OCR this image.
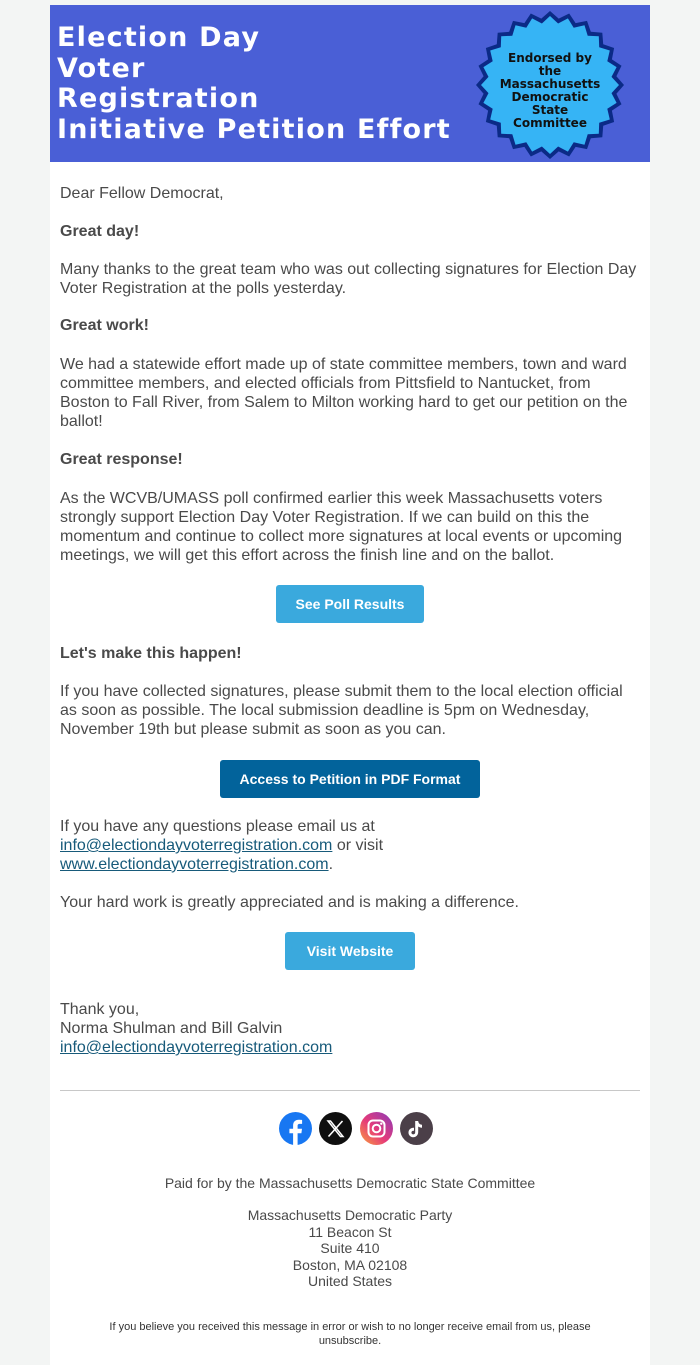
Election Day
Voter
Registration
Initiative Petition Effort
Endorsed by
the
Massachusetts
Democratic
State
Committee

Dear Fellow Democrat,

Great day!

Many thanks to the great team who was out collecting signatures for Election Day Voter Registration at the polls yesterday.

Great work!

We had a statewide effort made up of state committee members, town and ward committee members, and elected officials from Pittsfield to Nantucket, from Boston to Fall River, from Salem to Milton working hard to get our petition on the ballot!

Great response!

As the WCVB/UMASS poll confirmed earlier this week Massachusetts voters strongly support Election Day Voter Registration. If we can build on this the momentum and continue to collect more signatures at local events or upcoming meetings, we will get this effort across the finish line and on the ballot.

See Poll Results

Let's make this happen!

If you have collected signatures, please submit them to the local election official as soon as possible. The local submission deadline is 5pm on Wednesday, November 19th but please submit as soon as you can.

Access to Petition in PDF Format

If you have any questions please email us at
info@electiondayvoterregistration.com or visit
www.electiondayvoterregistration.com.

Your hard work is greatly appreciated and is making a difference.

Visit Website

Thank you,
Norma Shulman and Bill Galvin
info@electiondayvoterregistration.com

Paid for by the Massachusetts Democratic State Committee
Massachusetts Democratic Party
11 Beacon St
Suite 410
Boston, MA 02108
United States
If you believe you received this message in error or wish to no longer receive email from us, please unsubscribe.
